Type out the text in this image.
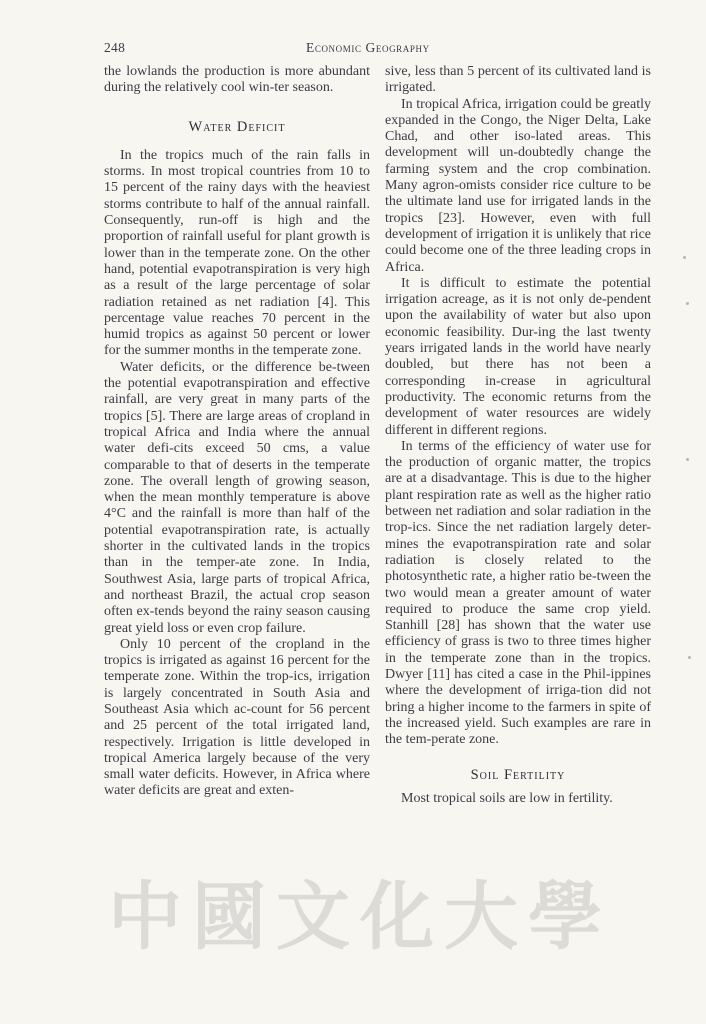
248	Economic Geography

the lowlands the production is more abundant during the relatively cool win-ter season.

Water Deficit

In the tropics much of the rain falls in storms. In most tropical countries from 10 to 15 percent of the rainy days with the heaviest storms contribute to half of the annual rainfall. Consequently, run-off is high and the proportion of rainfall useful for plant growth is lower than in the temperate zone. On the other hand, potential evapotranspiration is very high as a result of the large percentage of solar radiation retained as net radiation [4]. This percentage value reaches 70 percent in the humid tropics as against 50 percent or lower for the summer months in the temperate zone.

Water deficits, or the difference be-tween the potential evapotranspiration and effective rainfall, are very great in many parts of the tropics [5]. There are large areas of cropland in tropical Africa and India where the annual water defi-cits exceed 50 cms, a value comparable to that of deserts in the temperate zone. The overall length of growing season, when the mean monthly temperature is above 4°C and the rainfall is more than half of the potential evapotranspiration rate, is actually shorter in the cultivated lands in the tropics than in the temper-ate zone. In India, Southwest Asia, large parts of tropical Africa, and northeast Brazil, the actual crop season often ex-tends beyond the rainy season causing great yield loss or even crop failure.

Only 10 percent of the cropland in the tropics is irrigated as against 16 percent for the temperate zone. Within the trop-ics, irrigation is largely concentrated in South Asia and Southeast Asia which ac-count for 56 percent and 25 percent of the total irrigated land, respectively. Irrigation is little developed in tropical America largely because of the very small water deficits. However, in Africa where water deficits are great and exten-

sive, less than 5 percent of its cultivated land is irrigated.

In tropical Africa, irrigation could be greatly expanded in the Congo, the Niger Delta, Lake Chad, and other iso-lated areas. This development will un-doubtedly change the farming system and the crop combination. Many agron-omists consider rice culture to be the ultimate land use for irrigated lands in the tropics [23]. However, even with full development of irrigation it is unlikely that rice could become one of the three leading crops in Africa.

It is difficult to estimate the potential irrigation acreage, as it is not only de-pendent upon the availability of water but also upon economic feasibility. Dur-ing the last twenty years irrigated lands in the world have nearly doubled, but there has not been a corresponding in-crease in agricultural productivity. The economic returns from the development of water resources are widely different in different regions.

In terms of the efficiency of water use for the production of organic matter, the tropics are at a disadvantage. This is due to the higher plant respiration rate as well as the higher ratio between net radiation and solar radiation in the trop-ics. Since the net radiation largely deter-mines the evapotranspiration rate and solar radiation is closely related to the photosynthetic rate, a higher ratio be-tween the two would mean a greater amount of water required to produce the same crop yield. Stanhill [28] has shown that the water use efficiency of grass is two to three times higher in the temperate zone than in the tropics. Dwyer [11] has cited a case in the Phil-ippines where the development of irriga-tion did not bring a higher income to the farmers in spite of the increased yield. Such examples are rare in the tem-perate zone.

Soil Fertility

Most tropical soils are low in fertility.

中國文化大學
